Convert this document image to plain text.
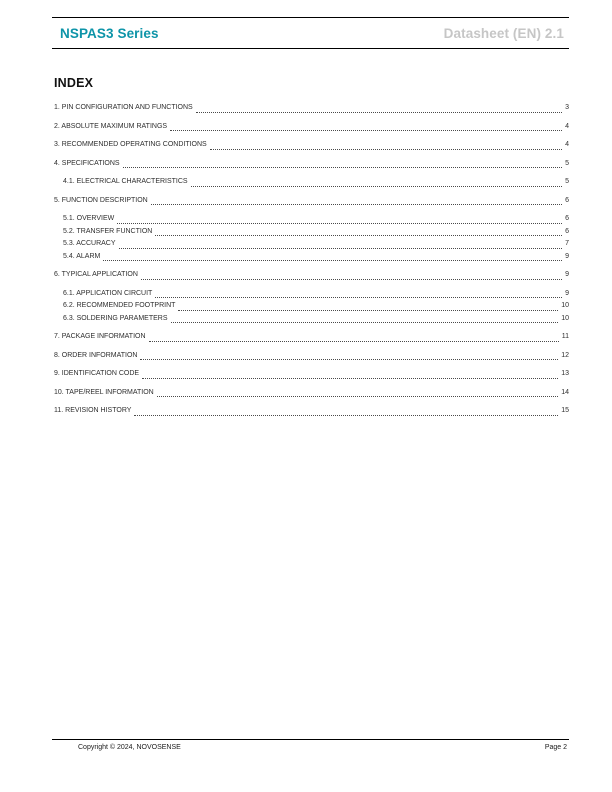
NSPAS3 Series	Datasheet (EN) 2.1
INDEX
1. PIN CONFIGURATION AND FUNCTIONS	3
2. ABSOLUTE MAXIMUM RATINGS	4
3. RECOMMENDED OPERATING CONDITIONS	4
4. SPECIFICATIONS	5
4.1. ELECTRICAL CHARACTERISTICS	5
5. FUNCTION DESCRIPTION	6
5.1. OVERVIEW	6
5.2. TRANSFER FUNCTION	6
5.3. ACCURACY	7
5.4. ALARM	9
6. TYPICAL APPLICATION	9
6.1. APPLICATION CIRCUIT	9
6.2. RECOMMENDED FOOTPRINT	10
6.3. SOLDERING PARAMETERS	10
7. PACKAGE INFORMATION	11
8. ORDER INFORMATION	12
9. IDENTIFICATION CODE	13
10. TAPE/REEL INFORMATION	14
11. REVISION HISTORY	15
Copyright © 2024, NOVOSENSE	Page 2
